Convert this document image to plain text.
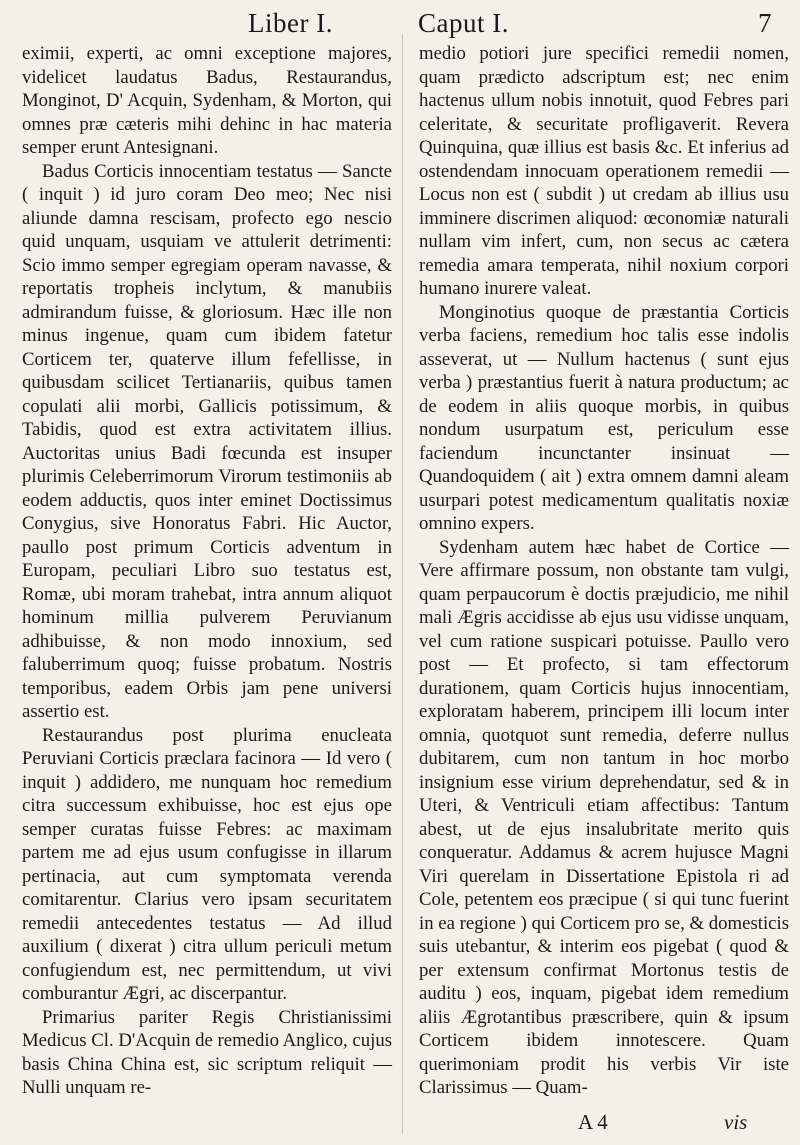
Liber I.	Caput I.	7

eximii, experti, ac omni exceptione majores, videlicet laudatus Badus, Restaurandus, Monginot, D' Acquin, Sydenham, & Morton, qui omnes præ cæteris mihi dehinc in hac materia semper erunt Antesignani.

Badus Corticis innocentiam testatus — Sancte ( inquit ) id juro coram Deo meo; Nec nisi aliunde damna rescisam, profecto ego nescio quid unquam, usquiam ve attulerit detrimenti: Scio immo semper egregiam operam navasse, & reportatis tropheis inclytum, & manubiis admirandum fuisse, & gloriosum. Hæc ille non minus ingenue, quam cum ibidem fatetur Corticem ter, quaterve illum fefellisse, in quibusdam scilicet Tertianariis, quibus tamen copulati alii morbi, Gallicis potissimum, & Tabidis, quod est extra activitatem illius. Auctoritas unius Badi fœcunda est insuper plurimis Celeberrimorum Virorum testimoniis ab eodem adductis, quos inter eminet Doctissimus Conygius, sive Honoratus Fabri. Hic Auctor, paullo post primum Corticis adventum in Europam, peculiari Libro suo testatus est, Romæ, ubi moram trahebat, intra annum aliquot hominum millia pulverem Peruvianum adhibuisse, & non modo innoxium, sed faluberrimum quoq; fuisse probatum. Nostris temporibus, eadem Orbis jam pene universi assertio est.

Restaurandus post plurima enucleata Peruviani Corticis præclara facinora — Id vero ( inquit ) addidero, me nunquam hoc remedium citra successum exhibuisse, hoc est ejus ope semper curatas fuisse Febres: ac maximam partem me ad ejus usum confugisse in illarum pertinacia, aut cum symptomata verenda comitarentur. Clarius vero ipsam securitatem remedii antecedentes testatus — Ad illud auxilium ( dixerat ) citra ullum periculi metum confugiendum est, nec permittendum, ut vivi comburantur Ægri, ac discerpantur.

Primarius pariter Regis Christianissimi Medicus Cl. D'Acquin de remedio Anglico, cujus basis China China est, sic scriptum reliquit — Nulli unquam re-

medio potiori jure specifici remedii nomen, quam prædicto adscriptum est; nec enim hactenus ullum nobis innotuit, quod Febres pari celeritate, & securitate profligaverit. Revera Quinquina, quæ illius est basis &c. Et inferius ad ostendendam innocuam operationem remedii — Locus non est ( subdit ) ut credam ab illius usu imminere discrimen aliquod: œconomiæ naturali nullam vim infert, cum, non secus ac cætera remedia amara temperata, nihil noxium corpori humano inurere valeat.

Monginotius quoque de præstantia Corticis verba faciens, remedium hoc talis esse indolis asseverat, ut — Nullum hactenus ( sunt ejus verba ) præstantius fuerit à natura productum; ac de eodem in aliis quoque morbis, in quibus nondum usurpatum est, periculum esse faciendum incunctanter insinuat — Quandoquidem ( ait ) extra omnem damni aleam usurpari potest medicamentum qualitatis noxiæ omnino expers.

Sydenham autem hæc habet de Cortice — Vere affirmare possum, non obstante tam vulgi, quam perpaucorum è doctis præjudicio, me nihil mali Ægris accidisse ab ejus usu vidisse unquam, vel cum ratione suspicari potuisse. Paullo vero post — Et profecto, si tam effectorum durationem, quam Corticis hujus innocentiam, exploratam haberem, principem illi locum inter omnia, quotquot sunt remedia, deferre nullus dubitarem, cum non tantum in hoc morbo insignium esse virium deprehendatur, sed & in Uteri, & Ventriculi etiam affectibus: Tantum abest, ut de ejus insalubritate merito quis conqueratur. Addamus & acrem hujusce Magni Viri querelam in Dissertatione Epistola ri ad Cole, petentem eos præcipue ( si qui tunc fuerint in ea regione ) qui Corticem pro se, & domesticis suis utebantur, & interim eos pigebat ( quod & per extensum confirmat Mortonus testis de auditu ) eos, inquam, pigebat idem remedium aliis Ægrotantibus præscribere, quin & ipsum Corticem ibidem innotescere. Quam querimoniam prodit his verbis Vir iste Clarissimus — Quam-

A 4	vis
